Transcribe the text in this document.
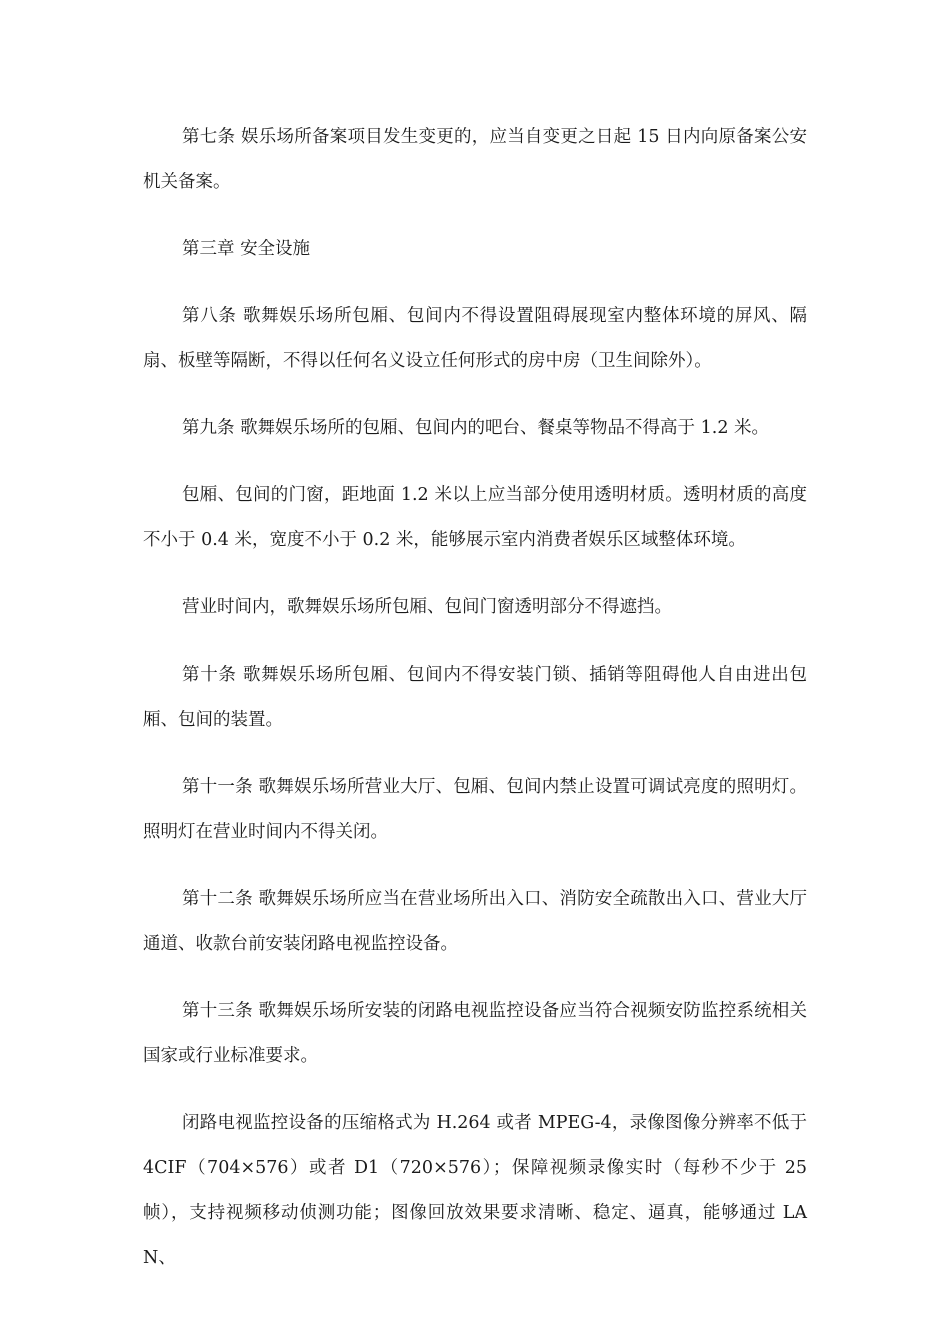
第七条 娱乐场所备案项目发生变更的，应当自变更之日起 15 日内向原备案公安机关备案。

第三章 安全设施

第八条 歌舞娱乐场所包厢、包间内不得设置阻碍展现室内整体环境的屏风、隔扇、板壁等隔断，不得以任何名义设立任何形式的房中房（卫生间除外）。

第九条 歌舞娱乐场所的包厢、包间内的吧台、餐桌等物品不得高于 1.2 米。

包厢、包间的门窗，距地面 1.2 米以上应当部分使用透明材质。透明材质的高度不小于 0.4 米，宽度不小于 0.2 米，能够展示室内消费者娱乐区域整体环境。

营业时间内，歌舞娱乐场所包厢、包间门窗透明部分不得遮挡。

第十条 歌舞娱乐场所包厢、包间内不得安装门锁、插销等阻碍他人自由进出包厢、包间的装置。

第十一条 歌舞娱乐场所营业大厅、包厢、包间内禁止设置可调试亮度的照明灯。照明灯在营业时间内不得关闭。

第十二条 歌舞娱乐场所应当在营业场所出入口、消防安全疏散出入口、营业大厅通道、收款台前安装闭路电视监控设备。

第十三条 歌舞娱乐场所安装的闭路电视监控设备应当符合视频安防监控系统相关国家或行业标准要求。

闭路电视监控设备的压缩格式为 H.264 或者 MPEG-4，录像图像分辨率不低于 4CIF（704×576）或者 D1（720×576）；保障视频录像实时（每秒不少于 25 帧），支持视频移动侦测功能；图像回放效果要求清晰、稳定、逼真，能够通过 LAN、
